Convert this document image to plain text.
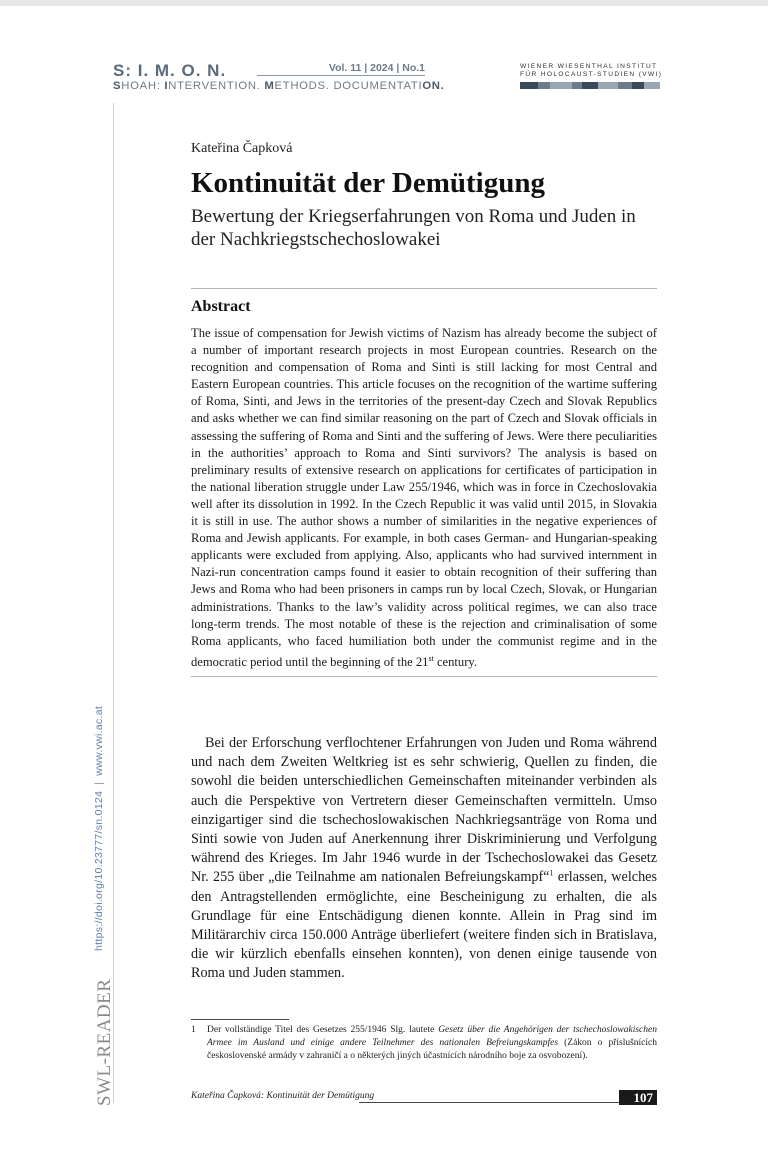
S: I. M. O. N.
SHOAH: INTERVENTION. METHODS. DOCUMENTATION.
Vol. 11 | 2024 | No.1	WIENER WIESENTHAL INSTITUT
FÜR HOLOCAUST-STUDIEN (VWI)
https://doi.org/10.23777/sn.0124|www.vwi.ac.at
SWL-READER
Kateřina Čapková
Kontinuität der Demütigung
Bewertung der Kriegserfahrungen von Roma und Juden in der Nachkriegstschechoslowakei
Abstract
The issue of compensation for Jewish victims of Nazism has already become the subject of a number of important research projects in most European countries. Research on the recognition and compensation of Roma and Sinti is still lacking for most Central and Eastern European countries. This article focuses on the recognition of the wartime suffering of Roma, Sinti, and Jews in the territories of the present-day Czech and Slovak Republics and asks whether we can find similar reasoning on the part of Czech and Slovak officials in assessing the suffering of Roma and Sinti and the suffering of Jews. Were there peculiarities in the authorities’ approach to Roma and Sinti survivors? The analysis is based on preliminary results of extensive research on applications for certificates of participation in the national liberation struggle under Law 255/1946, which was in force in Czechoslovakia well after its dissolution in 1992. In the Czech Republic it was valid until 2015, in Slovakia it is still in use. The author shows a number of similarities in the negative experiences of Roma and Jewish applicants. For example, in both cases German- and Hungarian-speaking applicants were excluded from applying. Also, applicants who had survived internment in Nazi-run concentration camps found it easier to obtain recognition of their suffering than Jews and Roma who had been prisoners in camps run by local Czech, Slovak, or Hungarian administrations. Thanks to the law’s validity across political regimes, we can also trace long-term trends. The most notable of these is the rejection and criminalisation of some Roma applicants, who faced humiliation both under the communist regime and in the democratic period until the beginning of the 21st century.
Bei der Erforschung verflochtener Erfahrungen von Juden und Roma während und nach dem Zweiten Weltkrieg ist es sehr schwierig, Quellen zu finden, die sowohl die beiden unterschiedlichen Gemeinschaften miteinander verbinden als auch die Perspektive von Vertretern dieser Gemeinschaften vermitteln. Umso einzigartiger sind die tschechoslowakischen Nachkriegsanträge von Roma und Sinti sowie von Juden auf Anerkennung ihrer Diskriminierung und Verfolgung während des Krieges. Im Jahr 1946 wurde in der Tschechoslowakei das Gesetz Nr. 255 über „die Teilnahme am nationalen Befreiungskampf“$^1$ erlassen, welches den Antragstellenden ermöglichte, eine Bescheinigung zu erhalten, die als Grundlage für eine Entschädigung dienen konnte. Allein in Prag sind im Militärarchiv circa 150.000 Anträge überliefert (weitere finden sich in Bratislava, die wir kürzlich ebenfalls einsehen konnten), von denen einige tausende von Roma und Juden stammen.
1	Der vollständige Titel des Gesetzes 255/1946 Slg. lautete Gesetz über die Angehörigen der tschechoslowakischen Armee im Ausland und einige andere Teilnehmer des nationalen Befreiungskampfes (Zákon o příslušnících československé armády v zahraničí a o některých jiných účastnících národního boje za osvobození).
Kateřina Čapková: Kontinuität der Demütigung	107
